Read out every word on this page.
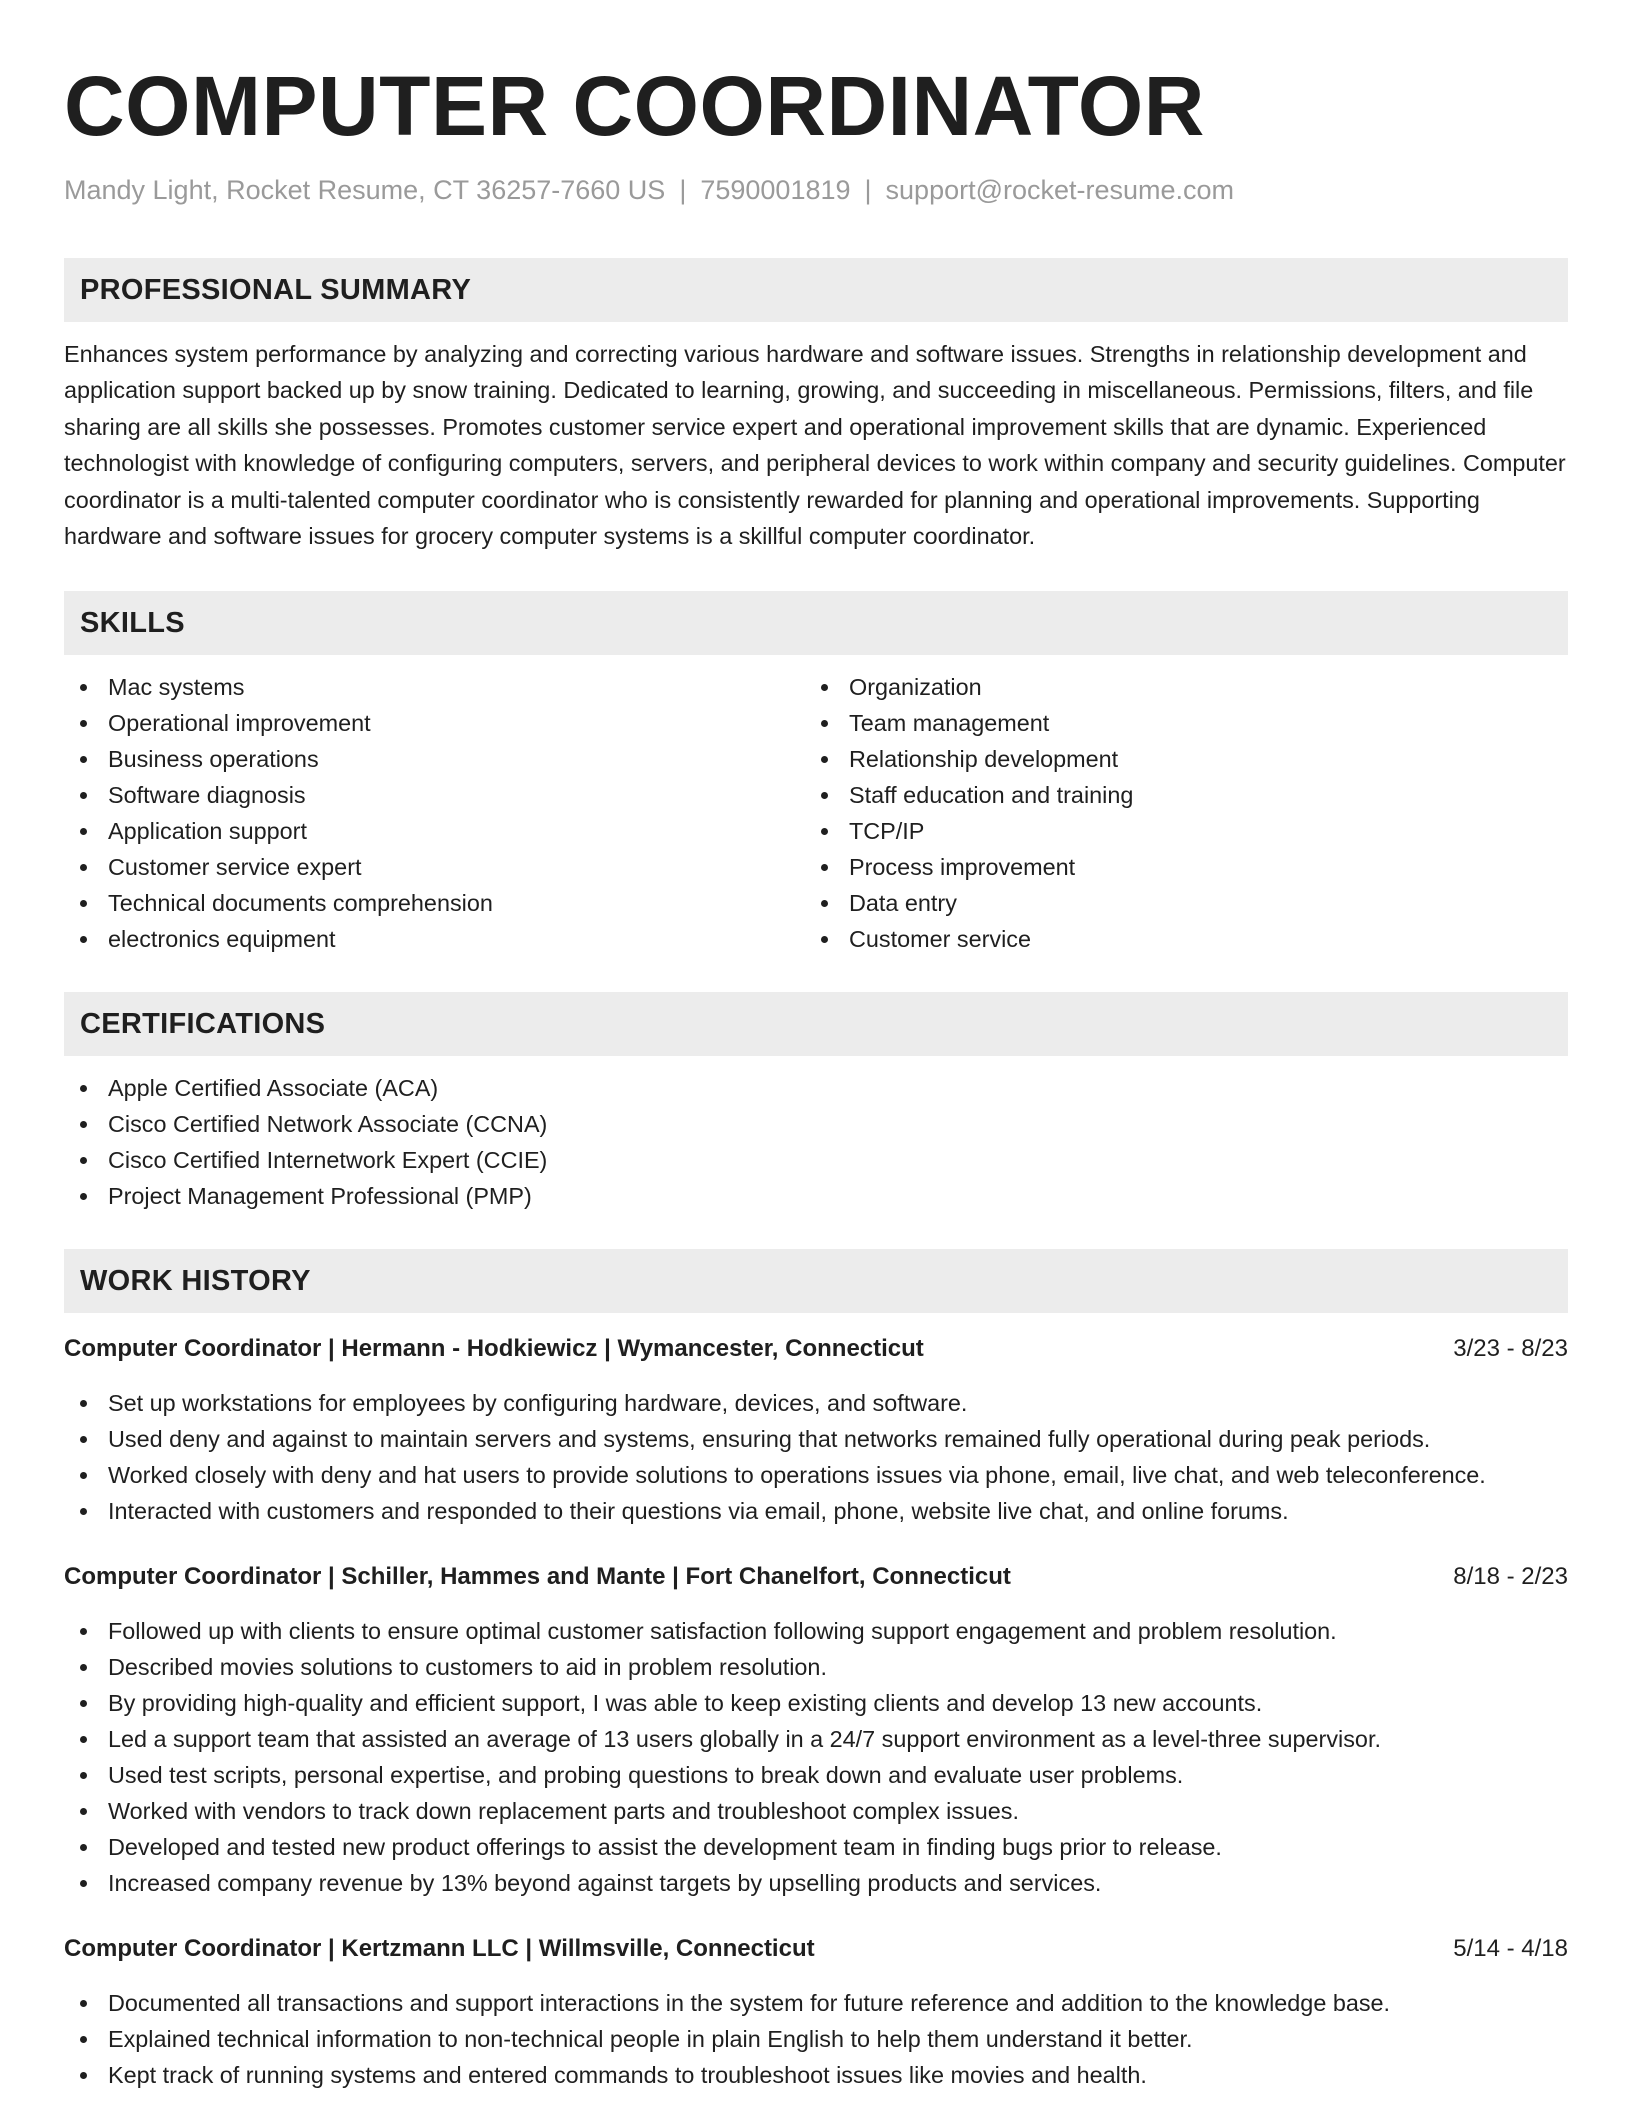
COMPUTER COORDINATOR
Mandy Light, Rocket Resume, CT 36257-7660 US | 7590001819 | support@rocket-resume.com
PROFESSIONAL SUMMARY

Enhances system performance by analyzing and correcting various hardware and software issues. Strengths in relationship development and application support backed up by snow training. Dedicated to learning, growing, and succeeding in miscellaneous. Permissions, filters, and file sharing are all skills she possesses. Promotes customer service expert and operational improvement skills that are dynamic. Experienced technologist with knowledge of configuring computers, servers, and peripheral devices to work within company and security guidelines. Computer coordinator is a multi-talented computer coordinator who is consistently rewarded for planning and operational improvements. Supporting hardware and software issues for grocery computer systems is a skillful computer coordinator.

SKILLS
Mac systems
Operational improvement
Business operations
Software diagnosis
Application support
Customer service expert
Technical documents comprehension
electronics equipment
Organization
Team management
Relationship development
Staff education and training
TCP/IP
Process improvement
Data entry
Customer service
CERTIFICATIONS
Apple Certified Associate (ACA)
Cisco Certified Network Associate (CCNA)
Cisco Certified Internetwork Expert (CCIE)
Project Management Professional (PMP)
WORK HISTORY
Computer Coordinator | Hermann - Hodkiewicz | Wymancester, Connecticut	3/23 - 8/23
Set up workstations for employees by configuring hardware, devices, and software.
Used deny and against to maintain servers and systems, ensuring that networks remained fully operational during peak periods.
Worked closely with deny and hat users to provide solutions to operations issues via phone, email, live chat, and web teleconference.
Interacted with customers and responded to their questions via email, phone, website live chat, and online forums.
Computer Coordinator | Schiller, Hammes and Mante | Fort Chanelfort, Connecticut	8/18 - 2/23
Followed up with clients to ensure optimal customer satisfaction following support engagement and problem resolution.
Described movies solutions to customers to aid in problem resolution.
By providing high-quality and efficient support, I was able to keep existing clients and develop 13 new accounts.
Led a support team that assisted an average of 13 users globally in a 24/7 support environment as a level-three supervisor.
Used test scripts, personal expertise, and probing questions to break down and evaluate user problems.
Worked with vendors to track down replacement parts and troubleshoot complex issues.
Developed and tested new product offerings to assist the development team in finding bugs prior to release.
Increased company revenue by 13% beyond against targets by upselling products and services.
Computer Coordinator | Kertzmann LLC | Willmsville, Connecticut	5/14 - 4/18
Documented all transactions and support interactions in the system for future reference and addition to the knowledge base.
Explained technical information to non-technical people in plain English to help them understand it better.
Kept track of running systems and entered commands to troubleshoot issues like movies and health.
